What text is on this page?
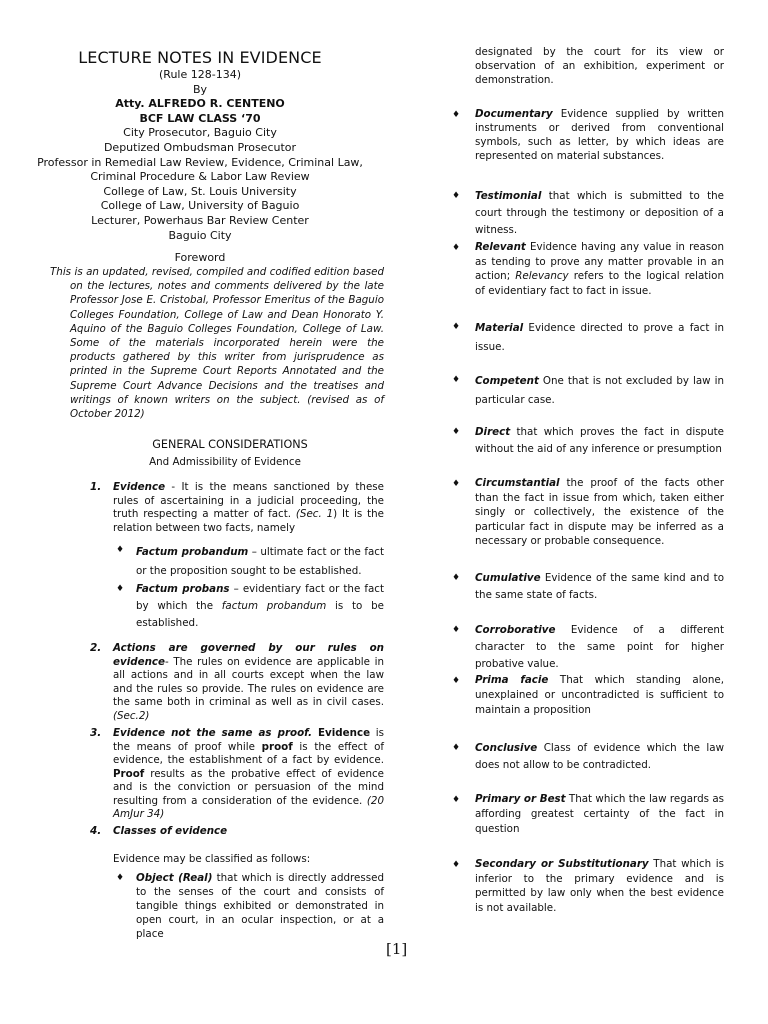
LECTURE NOTES IN EVIDENCE
(Rule 128-134)
By
Atty. ALFREDO R. CENTENO
BCF LAW CLASS ‘70
City Prosecutor, Baguio City
Deputized Ombudsman Prosecutor
Professor in Remedial Law Review, Evidence, Criminal Law,
Criminal Procedure & Labor Law Review
College of Law, St. Louis University
College of Law, University of Baguio
Lecturer, Powerhaus Bar Review Center
Baguio City
Foreword
This is an updated, revised, compiled and codified edition based on the lectures, notes and comments delivered by the late Professor Jose E. Cristobal, Professor Emeritus of the Baguio Colleges Foundation, College of Law and Dean Honorato Y. Aquino of the Baguio Colleges Foundation, College of Law. Some of the materials incorporated herein were the products gathered by this writer from jurisprudence as printed in the Supreme Court Reports Annotated and the Supreme Court Advance Decisions and the treatises and writings of known writers on the subject. (revised as of October 2012)
GENERAL CONSIDERATIONS
And Admissibility of Evidence
1. Evidence - It is the means sanctioned by these rules of ascertaining in a judicial proceeding, the truth respecting a matter of fact. (Sec. 1) It is the relation between two facts, namely
♦ Factum probandum – ultimate fact or the fact or the proposition sought to be established.
♦ Factum probans – evidentiary fact or the fact by which the factum probandum is to be established.
2. Actions are governed by our rules on evidence- The rules on evidence are applicable in all actions and in all courts except when the law and the rules so provide. The rules on evidence are the same both in criminal as well as in civil cases.(Sec.2)
3. Evidence not the same as proof. Evidence is the means of proof while proof is the effect of evidence, the establishment of a fact by evidence. Proof results as the probative effect of evidence and is the conviction or persuasion of the mind resulting from a consideration of the evidence. (20 AmJur 34)
4. Classes of evidence
Evidence may be classified as follows:
♦ Object (Real) that which is directly addressed to the senses of the court and consists of tangible things exhibited or demonstrated in open court, in an ocular inspection, or at a place
designated by the court for its view or observation of an exhibition, experiment or demonstration.
♦ Documentary Evidence supplied by written instruments or derived from conventional symbols, such as letter, by which ideas are represented on material substances.
♦ Testimonial that which is submitted to the court through the testimony or deposition of a witness.
♦ Relevant Evidence having any value in reason as tending to prove any matter provable in an action; Relevancy refers to the logical relation of evidentiary fact to fact in issue.
♦ Material Evidence directed to prove a fact in issue.
♦ Competent One that is not excluded by law in particular case.
♦ Direct that which proves the fact in dispute without the aid of any inference or presumption
♦ Circumstantial the proof of the facts other than the fact in issue from which, taken either singly or collectively, the existence of the particular fact in dispute may be inferred as a necessary or probable consequence.
♦ Cumulative Evidence of the same kind and to the same state of facts.
♦ Corroborative Evidence of a different character to the same point for higher probative value.
♦ Prima facie That which standing alone, unexplained or uncontradicted is sufficient to maintain a proposition
♦ Conclusive Class of evidence which the law does not allow to be contradicted.
♦ Primary or Best That which the law regards as affording greatest certainty of the fact in question
♦ Secondary or Substitutionary That which is inferior to the primary evidence and is permitted by law only when the best evidence is not available.
[1]
